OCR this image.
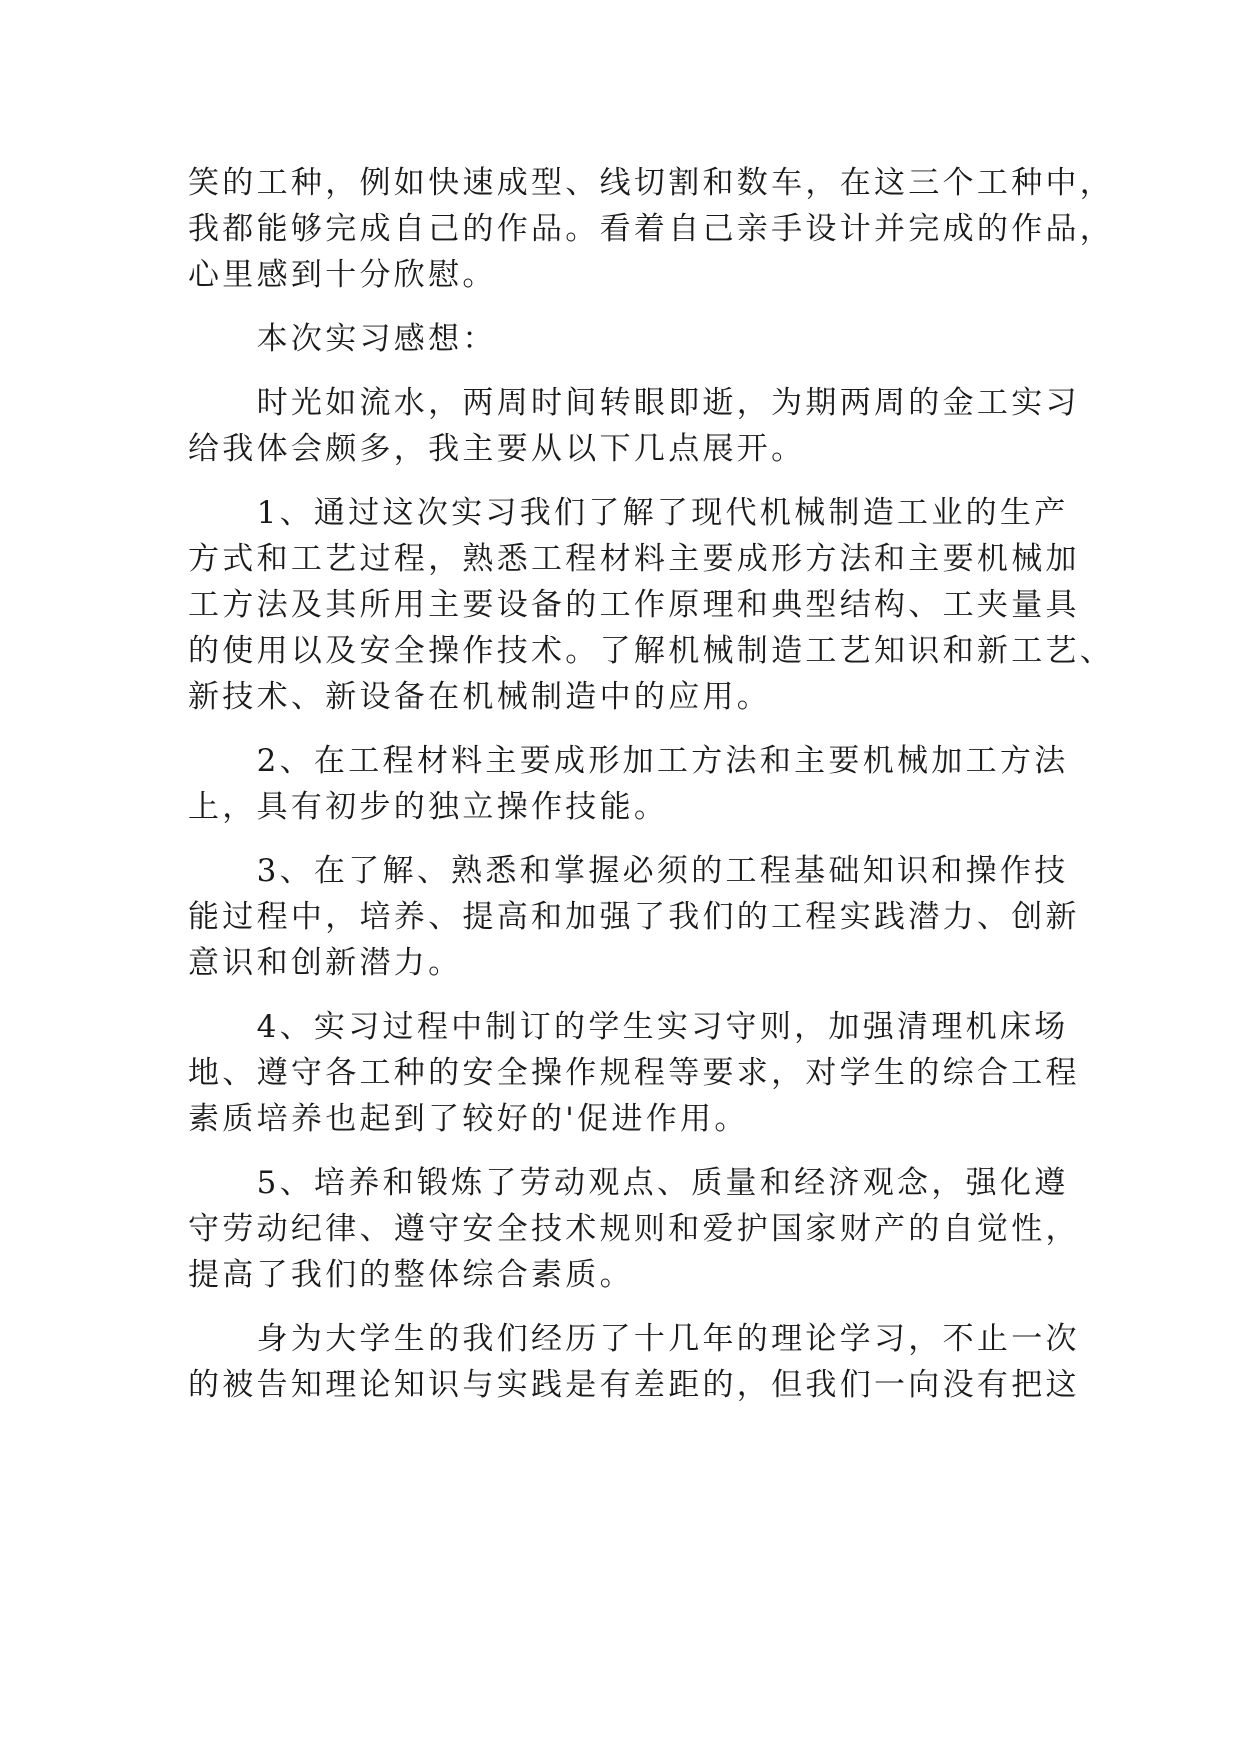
笑的工种，例如快速成型、线切割和数车，在这三个工种中，
我都能够完成自己的作品。看着自己亲手设计并完成的作品，
心里感到十分欣慰。
　　本次实习感想：
　　时光如流水，两周时间转眼即逝，为期两周的金工实习
给我体会颇多，我主要从以下几点展开。
　　1、通过这次实习我们了解了现代机械制造工业的生产
方式和工艺过程，熟悉工程材料主要成形方法和主要机械加
工方法及其所用主要设备的工作原理和典型结构、工夹量具
的使用以及安全操作技术。了解机械制造工艺知识和新工艺、
新技术、新设备在机械制造中的应用。
　　2、在工程材料主要成形加工方法和主要机械加工方法
上，具有初步的独立操作技能。
　　3、在了解、熟悉和掌握必须的工程基础知识和操作技
能过程中，培养、提高和加强了我们的工程实践潜力、创新
意识和创新潜力。
　　4、实习过程中制订的学生实习守则，加强清理机床场
地、遵守各工种的安全操作规程等要求，对学生的综合工程
素质培养也起到了较好的'促进作用。
　　5、培养和锻炼了劳动观点、质量和经济观念，强化遵
守劳动纪律、遵守安全技术规则和爱护国家财产的自觉性，
提高了我们的整体综合素质。
　　身为大学生的我们经历了十几年的理论学习，不止一次
的被告知理论知识与实践是有差距的，但我们一向没有把这
